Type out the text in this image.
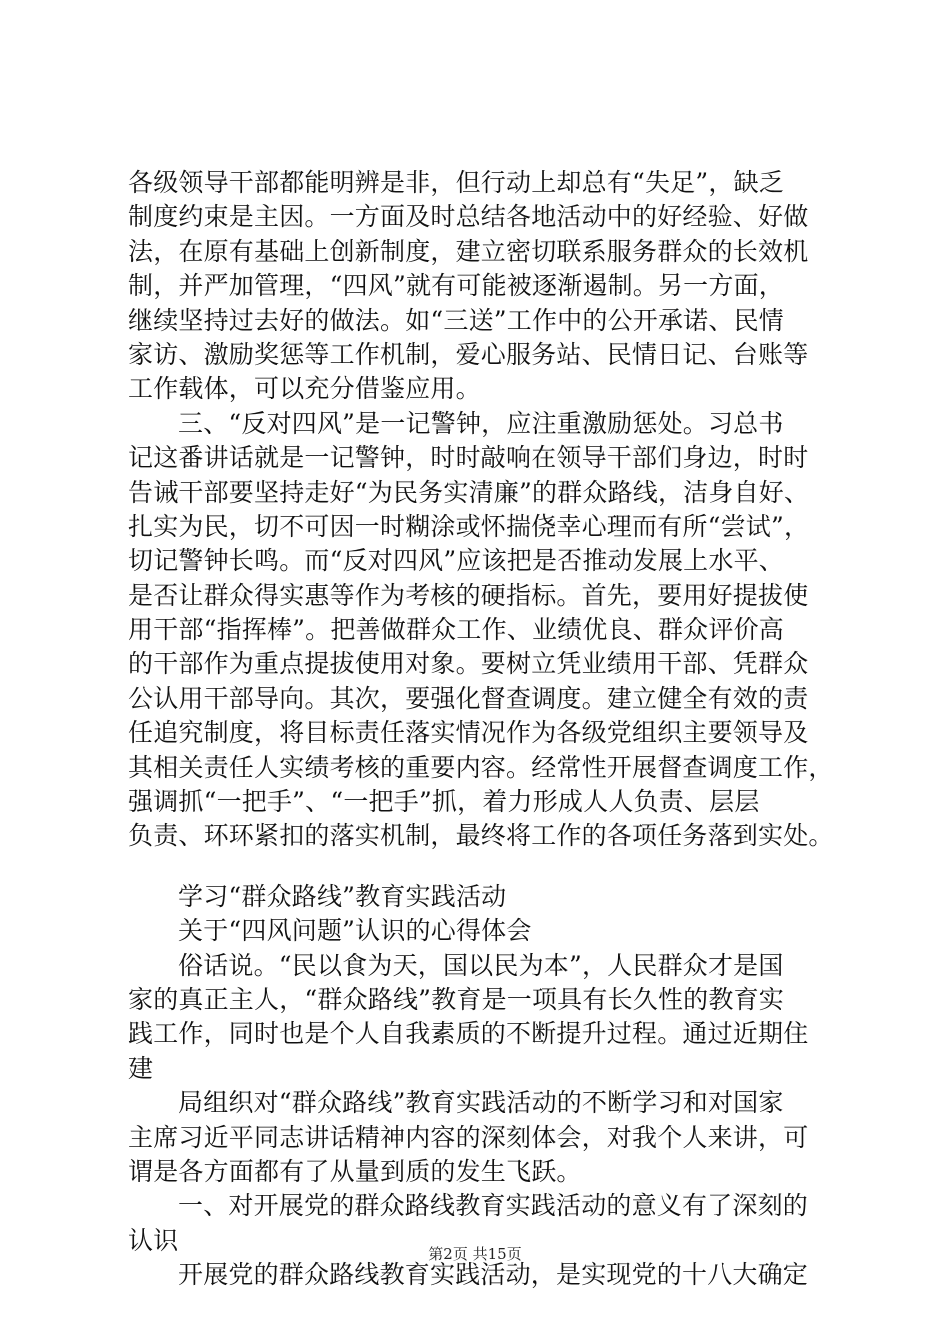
各级领导干部都能明辨是非，但行动上却总有“失足”，缺乏
制度约束是主因。一方面及时总结各地活动中的好经验、好做
法，在原有基础上创新制度，建立密切联系服务群众的长效机
制，并严加管理，“四风”就有可能被逐渐遏制。另一方面，
继续坚持过去好的做法。如“三送”工作中的公开承诺、民情
家访、激励奖惩等工作机制，爱心服务站、民情日记、台账等
工作载体，可以充分借鉴应用。
三、“反对四风”是一记警钟，应注重激励惩处。习总书
记这番讲话就是一记警钟，时时敲响在领导干部们身边，时时
告诫干部要坚持走好“为民务实清廉”的群众路线，洁身自好、
扎实为民，切不可因一时糊涂或怀揣侥幸心理而有所“尝试”，
切记警钟长鸣。而“反对四风”应该把是否推动发展上水平、
是否让群众得实惠等作为考核的硬指标。首先，要用好提拔使
用干部“指挥棒”。把善做群众工作、业绩优良、群众评价高
的干部作为重点提拔使用对象。要树立凭业绩用干部、凭群众
公认用干部导向。其次，要强化督查调度。建立健全有效的责
任追究制度，将目标责任落实情况作为各级党组织主要领导及
其相关责任人实绩考核的重要内容。经常性开展督查调度工作，
强调抓“一把手”、“一把手”抓，着力形成人人负责、层层
负责、环环紧扣的落实机制，最终将工作的各项任务落到实处。
学习“群众路线”教育实践活动
关于“四风问题”认识的心得体会
俗话说。“民以食为天，国以民为本”，人民群众才是国
家的真正主人，“群众路线”教育是一项具有长久性的教育实
践工作，同时也是个人自我素质的不断提升过程。通过近期住
建
局组织对“群众路线”教育实践活动的不断学习和对国家
主席习近平同志讲话精神内容的深刻体会，对我个人来讲，可
谓是各方面都有了从量到质的发生飞跃。
一、对开展党的群众路线教育实践活动的意义有了深刻的
认识
开展党的群众路线教育实践活动，是实现党的十八大确定
第2页 共15页
